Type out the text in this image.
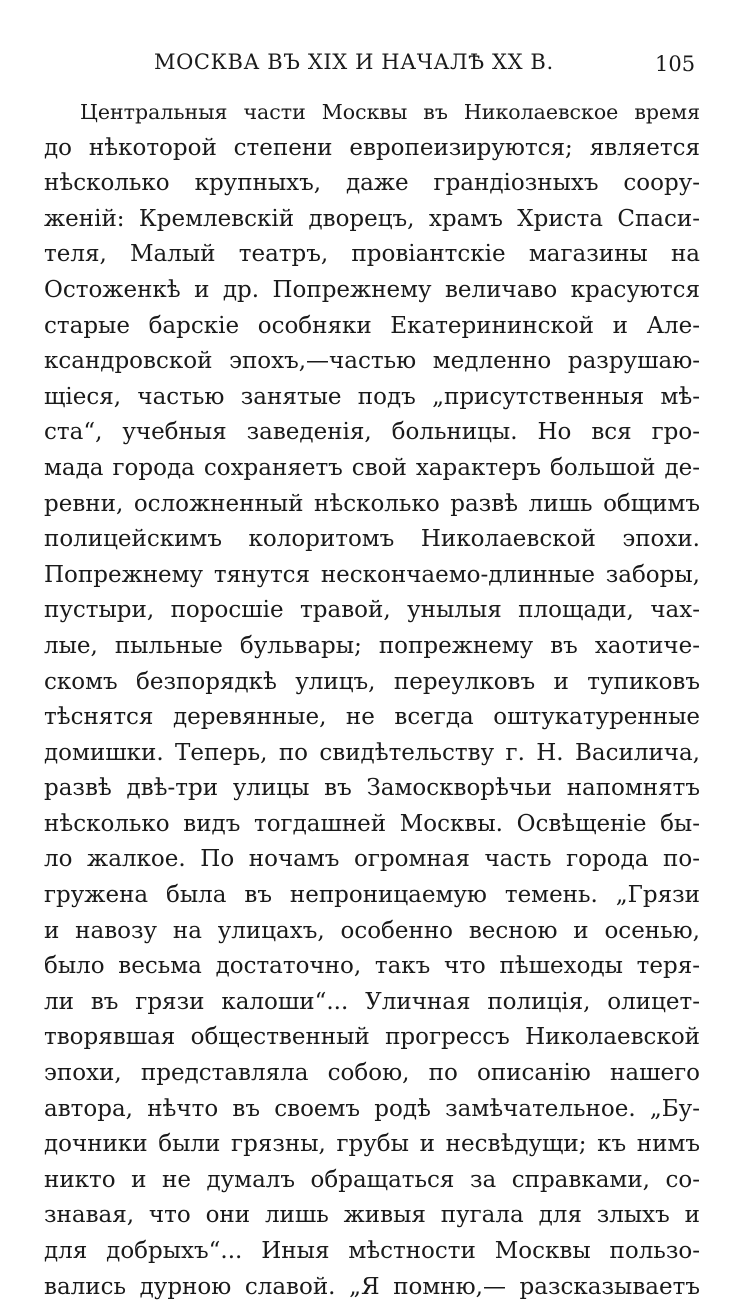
МОСКВА ВЪ XIX И НАЧАЛѢ XX В.	105
Центральныя части Москвы въ Николаевское время
до нѣкоторой степени европеизируются; является
нѣсколько крупныхъ, даже грандiозныхъ соору-
женiй: Кремлевскiй дворецъ, храмъ Христа Спаси-
теля, Малый театръ, провiантскiе магазины на
Остоженкѣ и др. Попрежнему величаво красуются
старые барскiе особняки Екатерининской и Але-
ксандровской эпохъ,—частью медленно разрушаю-
щiеся, частью занятые подъ „присутственныя мѣ-
ста“, учебныя заведенiя, больницы. Но вся гро-
мада города сохраняетъ свой характеръ большой де-
ревни, осложненный нѣсколько развѣ лишь общимъ
полицейскимъ колоритомъ Николаевской эпохи.
Попрежнему тянутся нескончаемо-длинные заборы,
пустыри, поросшiе травой, унылыя площади, чах-
лые, пыльные бульвары; попрежнему въ хаотиче-
скомъ безпорядкѣ улицъ, переулковъ и тупиковъ
тѣснятся деревянные, не всегда оштукатуренные
домишки. Теперь, по свидѣтельству г. Н. Василича,
развѣ двѣ-три улицы въ Замоскворѣчьи напомнятъ
нѣсколько видъ тогдашней Москвы. Освѣщенiе бы-
ло жалкое. По ночамъ огромная часть города по-
гружена была въ непроницаемую темень. „Грязи
и навозу на улицахъ, особенно весною и осенью,
было весьма достаточно, такъ что пѣшеходы теря-
ли въ грязи калоши“... Уличная полицiя, олицет-
творявшая общественный прогрессъ Николаевской
эпохи, представляла собою, по описанiю нашего
автора, нѣчто въ своемъ родѣ замѣчательное. „Бу-
дочники были грязны, грубы и несвѣдущи; къ нимъ
никто и не думалъ обращаться за справками, со-
знавая, что они лишь живыя пугала для злыхъ и
для добрыхъ“... Иныя мѣстности Москвы пользо-
вались дурною славой. „Я помню,— разсказываетъ
